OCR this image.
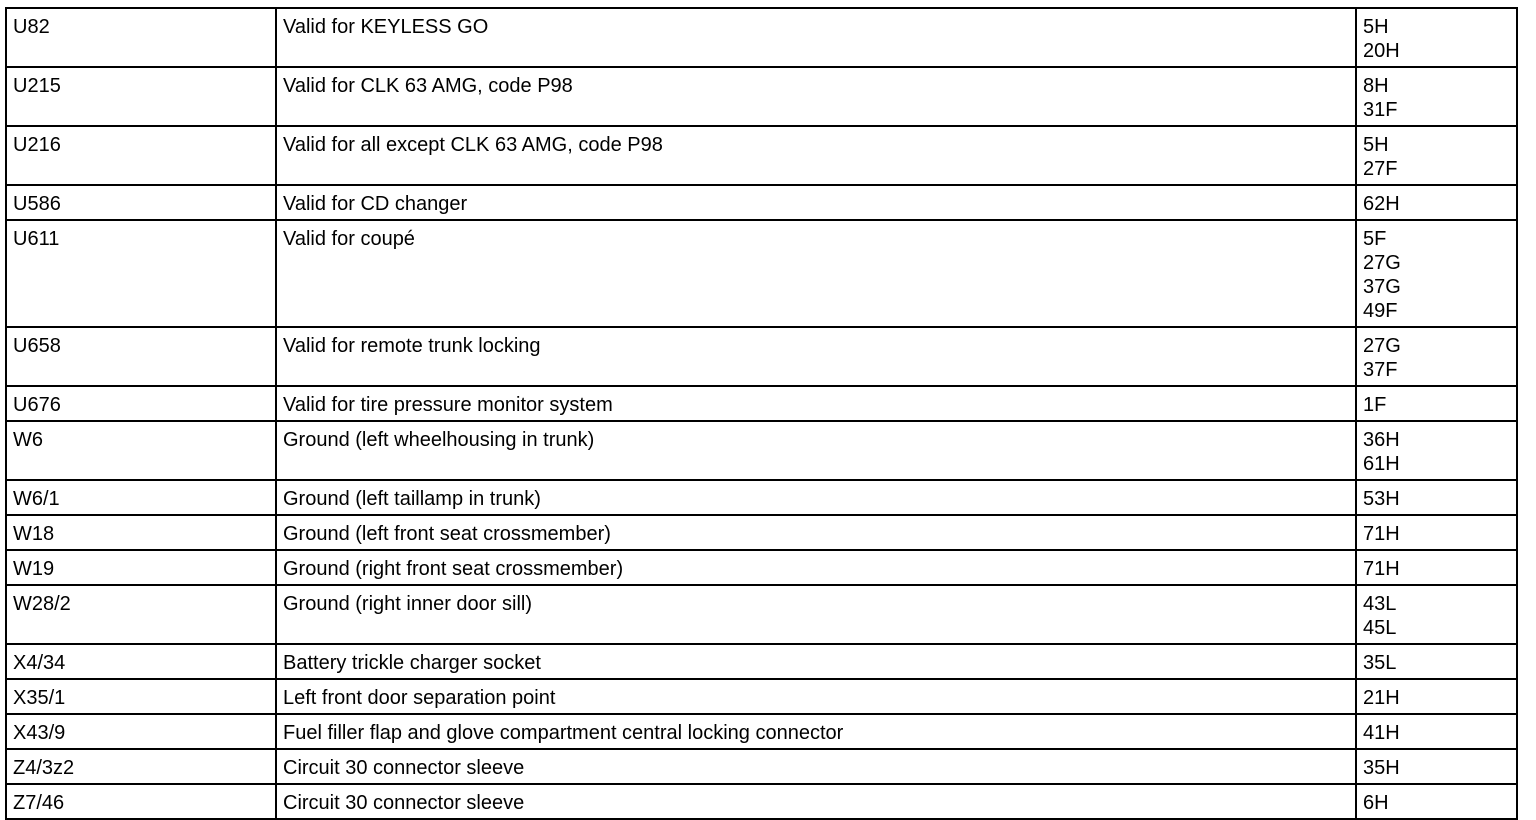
U82	Valid for KEYLESS GO	5H
20H

U215	Valid for CLK 63 AMG, code P98	8H
31F

U216	Valid for all except CLK 63 AMG, code P98	5H
27F

U586	Valid for CD changer	62H

U611	Valid for coupé	5F
27G
37G
49F

U658	Valid for remote trunk locking	27G
37F

U676	Valid for tire pressure monitor system	1F

W6	Ground (left wheelhousing in trunk)	36H
61H

W6/1	Ground (left taillamp in trunk)	53H

W18	Ground (left front seat crossmember)	71H

W19	Ground (right front seat crossmember)	71H

W28/2	Ground (right inner door sill)	43L
45L

X4/34	Battery trickle charger socket	35L

X35/1	Left front door separation point	21H

X43/9	Fuel filler flap and glove compartment central locking connector	41H

Z4/3z2	Circuit 30 connector sleeve	35H

Z7/46	Circuit 30 connector sleeve	6H
